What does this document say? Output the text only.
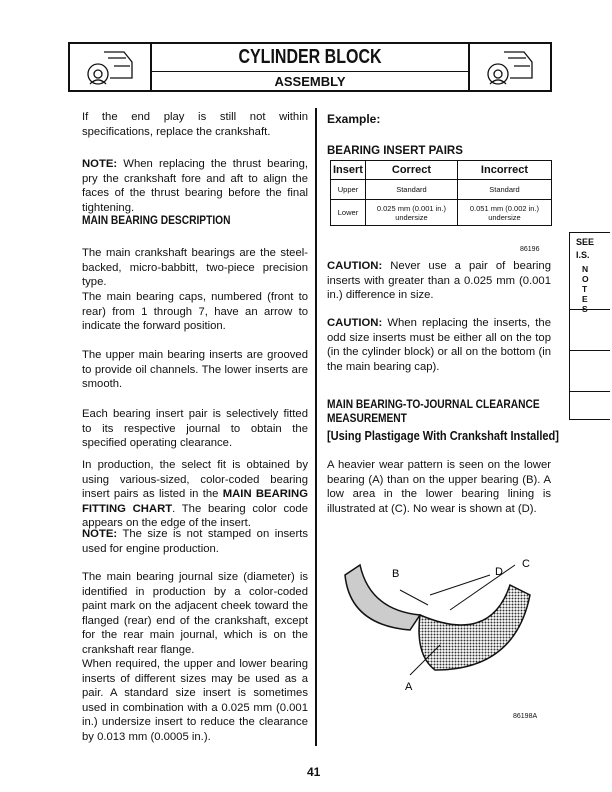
CYLINDER BLOCK
ASSEMBLY
If the end play is still not within specifications, replace the crankshaft.
NOTE: When replacing the thrust bearing, pry the crankshaft fore and aft to align the faces of the thrust bearing before the final tightening.
MAIN BEARING DESCRIPTION
The main crankshaft bearings are the steel-backed, micro-babbitt, two-piece precision type.
The main bearing caps, numbered (front to rear) from 1 through 7, have an arrow to indicate the forward position.
The upper main bearing inserts are grooved to provide oil channels. The lower inserts are smooth.
Each bearing insert pair is selectively fitted to its respective journal to obtain the specified operating clearance.
In production, the select fit is obtained by using various-sized, color-coded bearing insert pairs as listed in the MAIN BEARING FITTING CHART. The bearing color code appears on the edge of the insert.
NOTE: The size is not stamped on inserts used for engine production.
The main bearing journal size (diameter) is identified in production by a color-coded paint mark on the adjacent cheek toward the flanged (rear) end of the crankshaft, except for the rear main journal, which is on the crankshaft rear flange.
When required, the upper and lower bearing inserts of different sizes may be used as a pair. A standard size insert is sometimes used in combination with a 0.025 mm (0.001 in.) undersize insert to reduce the clearance by 0.013 mm (0.0005 in.).
Example:
BEARING INSERT PAIRS
Insert	Correct	Incorrect
Upper	Standard	Standard
Lower	0.025 mm (0.001 in.) undersize	0.051 mm (0.002 in.) undersize
86196
CAUTION: Never use a pair of bearing inserts with greater than a 0.025 mm (0.001 in.) difference in size.
CAUTION: When replacing the inserts, the odd size inserts must be either all on the top (in the cylinder block) or all on the bottom (in the main bearing cap).
MAIN BEARING-TO-JOURNAL CLEARANCE MEASUREMENT
[Using Plastigage With Crankshaft Installed]
A heavier wear pattern is seen on the lower bearing (A) than on the upper bearing (B). A low area in the lower bearing lining is illustrated at (C). No wear is shown at (D).
B	D
C
A
86198A
SEE
I.S.
N
O
T
E
S
41
